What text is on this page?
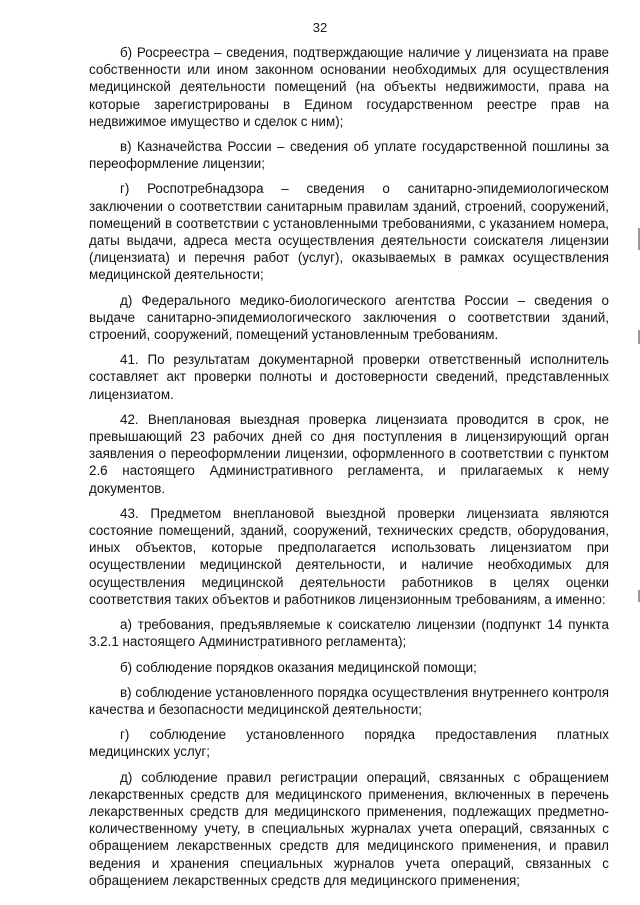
32

б) Росреестра – сведения, подтверждающие наличие у лицензиата на праве собственности или ином законном основании необходимых для осуществления медицинской деятельности помещений (на объекты недвижимости, права на которые зарегистрированы в Едином государственном реестре прав на недвижимое имущество и сделок с ним);

в) Казначейства России – сведения об уплате государственной пошлины за переоформление лицензии;

г) Роспотребнадзора – сведения о санитарно-эпидемиологическом заключении о соответствии санитарным правилам зданий, строений, сооружений, помещений в соответствии с установленными требованиями, с указанием номера, даты выдачи, адреса места осуществления деятельности соискателя лицензии (лицензиата) и перечня работ (услуг), оказываемых в рамках осуществления медицинской деятельности;

д) Федерального медико-биологического агентства России – сведения о выдаче санитарно-эпидемиологического заключения о соответствии зданий, строений, сооружений, помещений установленным требованиям.

41. По результатам документарной проверки ответственный исполнитель составляет акт проверки полноты и достоверности сведений, представленных лицензиатом.

42. Внеплановая выездная проверка лицензиата проводится в срок, не превышающий 23 рабочих дней со дня поступления в лицензирующий орган заявления о переоформлении лицензии, оформленного в соответствии с пунктом 2.6 настоящего Административного регламента, и прилагаемых к нему документов.

43. Предметом внеплановой выездной проверки лицензиата являются состояние помещений, зданий, сооружений, технических средств, оборудования, иных объектов, которые предполагается использовать лицензиатом при осуществлении медицинской деятельности, и наличие необходимых для осуществления медицинской деятельности работников в целях оценки соответствия таких объектов и работников лицензионным требованиям, а именно:

а) требования, предъявляемые к соискателю лицензии (подпункт 14 пункта 3.2.1 настоящего Административного регламента);

б) соблюдение порядков оказания медицинской помощи;

в) соблюдение установленного порядка осуществления внутреннего контроля качества и безопасности медицинской деятельности;

г) соблюдение установленного порядка предоставления платных медицинских услуг;

д) соблюдение правил регистрации операций, связанных с обращением лекарственных средств для медицинского применения, включенных в перечень лекарственных средств для медицинского применения, подлежащих предметно-количественному учету, в специальных журналах учета операций, связанных с обращением лекарственных средств для медицинского применения, и правил ведения и хранения специальных журналов учета операций, связанных с обращением лекарственных средств для медицинского применения;
